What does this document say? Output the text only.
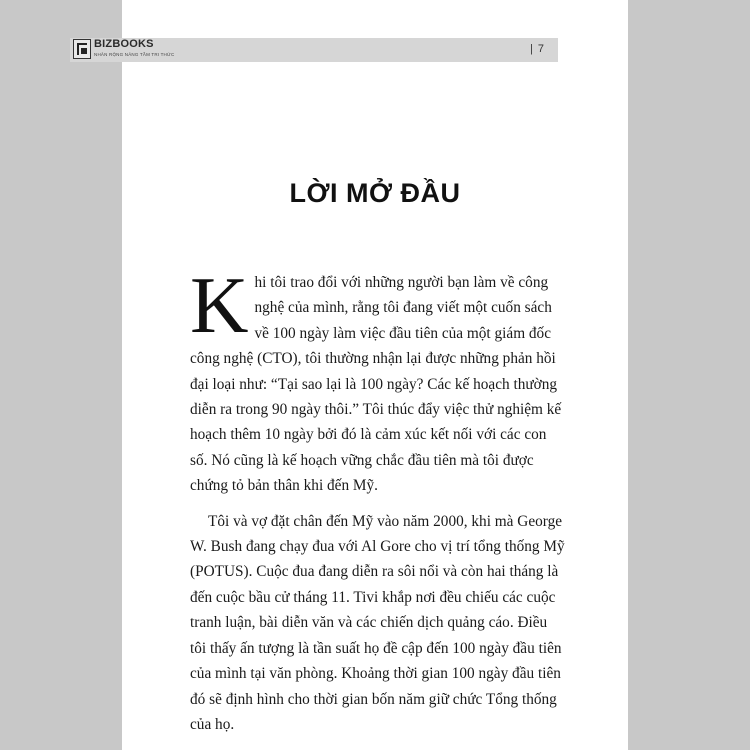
BIZBOOKS
NHÂN RỘNG NĂNG TẦM TRI THỨC	| 7
LỜI MỞ ĐẦU

Khi tôi trao đổi với những người bạn làm về công nghệ của mình, rằng tôi đang viết một cuốn sách về 100 ngày làm việc đầu tiên của một giám đốc công nghệ (CTO), tôi thường nhận lại được những phản hồi đại loại như: “Tại sao lại là 100 ngày? Các kế hoạch thường diễn ra trong 90 ngày thôi.” Tôi thúc đẩy việc thử nghiệm kế hoạch thêm 10 ngày bởi đó là cảm xúc kết nối với các con số. Nó cũng là kế hoạch vững chắc đầu tiên mà tôi được chứng tỏ bản thân khi đến Mỹ.

Tôi và vợ đặt chân đến Mỹ vào năm 2000, khi mà George W. Bush đang chạy đua với Al Gore cho vị trí tổng thống Mỹ (POTUS). Cuộc đua đang diễn ra sôi nổi và còn hai tháng là đến cuộc bầu cử tháng 11. Tivi khắp nơi đều chiếu các cuộc tranh luận, bài diễn văn và các chiến dịch quảng cáo. Điều tôi thấy ấn tượng là tần suất họ đề cập đến 100 ngày đầu tiên của mình tại văn phòng. Khoảng thời gian 100 ngày đầu tiên đó sẽ định hình cho thời gian bốn năm giữ chức Tổng thống của họ.
